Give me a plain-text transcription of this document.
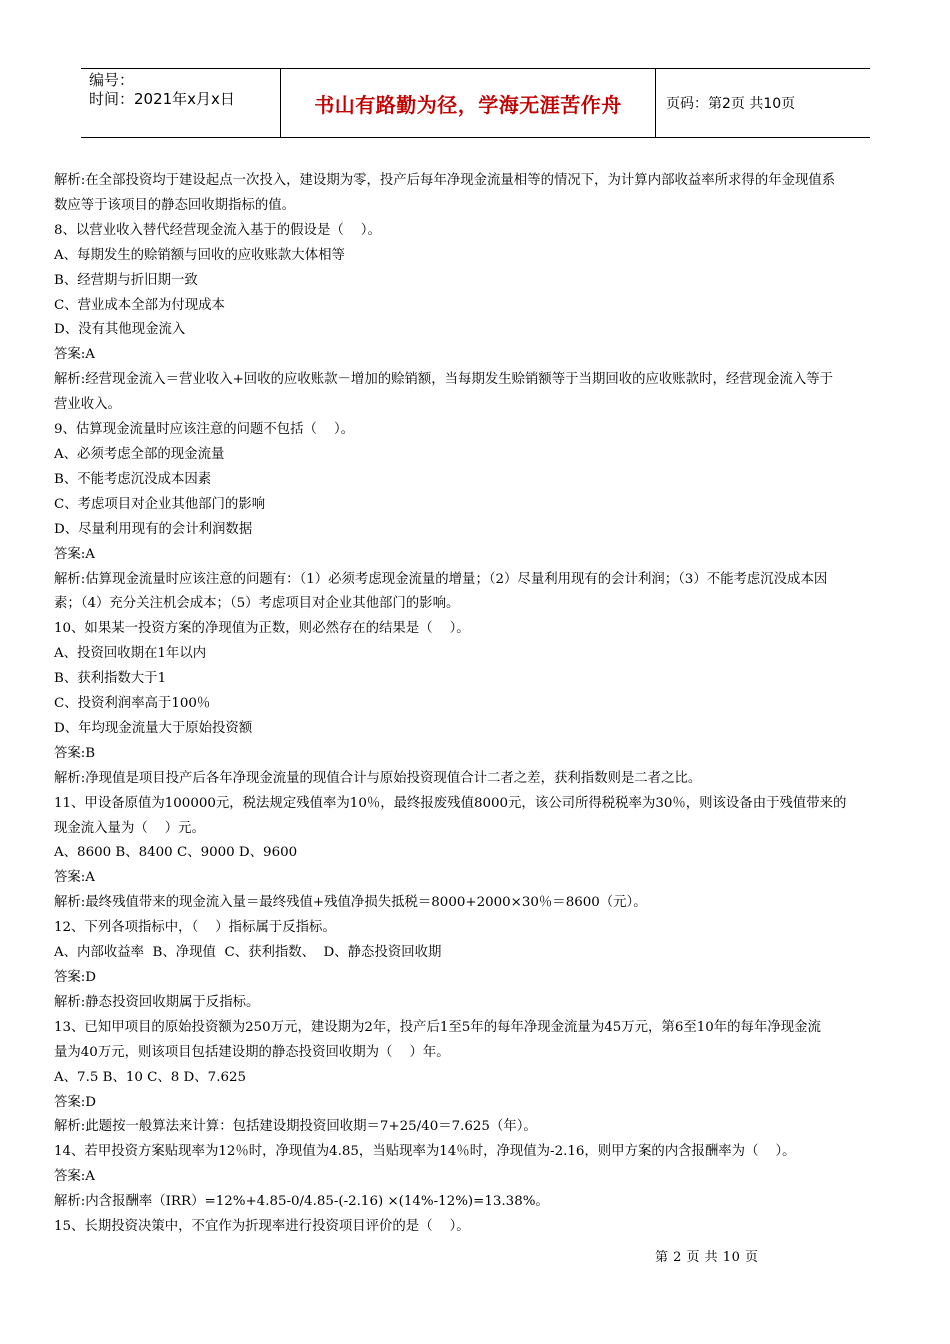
编号：
时间：2021年x月x日	书山有路勤为径，学海无涯苦作舟	页码：第2页 共10页
解析:在全部投资均于建设起点一次投入，建设期为零，投产后每年净现金流量相等的情况下，为计算内部收益率所求得的年金现值系
数应等于该项目的静态回收期指标的值。
8、以营业收入替代经营现金流入基于的假设是（    ）。
A、每期发生的赊销额与回收的应收账款大体相等
B、经营期与折旧期一致
C、营业成本全部为付现成本
D、没有其他现金流入
答案:A
解析:经营现金流入＝营业收入+回收的应收账款－增加的赊销额，当每期发生赊销额等于当期回收的应收账款时，经营现金流入等于
营业收入。
9、估算现金流量时应该注意的问题不包括（    ）。
A、必须考虑全部的现金流量
B、不能考虑沉没成本因素
C、考虑项目对企业其他部门的影响
D、尽量利用现有的会计利润数据
答案:A
解析:估算现金流量时应该注意的问题有：（1）必须考虑现金流量的增量；（2）尽量利用现有的会计利润；（3）不能考虑沉没成本因
素；（4）充分关注机会成本；（5）考虑项目对企业其他部门的影响。
10、如果某一投资方案的净现值为正数，则必然存在的结果是（    ）。
A、投资回收期在1年以内
B、获利指数大于1
C、投资利润率高于100％
D、年均现金流量大于原始投资额
答案:B
解析:净现值是项目投产后各年净现金流量的现值合计与原始投资现值合计二者之差，获利指数则是二者之比。
11、甲设备原值为100000元，税法规定残值率为10％，最终报废残值8000元，该公司所得税税率为30％，则该设备由于残值带来的
现金流入量为（    ）元。
A、8600 B、8400 C、9000 D、9600
答案:A
解析:最终残值带来的现金流入量＝最终残值+残值净损失抵税＝8000+2000×30％＝8600（元）。
12、下列各项指标中，（    ）指标属于反指标。
A、内部收益率  B、净现值  C、获利指数、  D、静态投资回收期
答案:D
解析:静态投资回收期属于反指标。
13、已知甲项目的原始投资额为250万元，建设期为2年，投产后1至5年的每年净现金流量为45万元，第6至10年的每年净现金流
量为40万元，则该项目包括建设期的静态投资回收期为（    ）年。
A、7.5 B、10 C、8 D、7.625
答案:D
解析:此题按一般算法来计算：包括建设期投资回收期＝7+25/40＝7.625（年）。
14、若甲投资方案贴现率为12％时，净现值为4.85，当贴现率为14％时，净现值为-2.16，则甲方案的内含报酬率为（    ）。
答案:A
解析:内含报酬率（IRR）=12%+4.85-0/4.85-(-2.16) ×(14%-12%)=13.38%。
15、长期投资决策中，不宜作为折现率进行投资项目评价的是（    ）。
第 2 页 共 10 页
